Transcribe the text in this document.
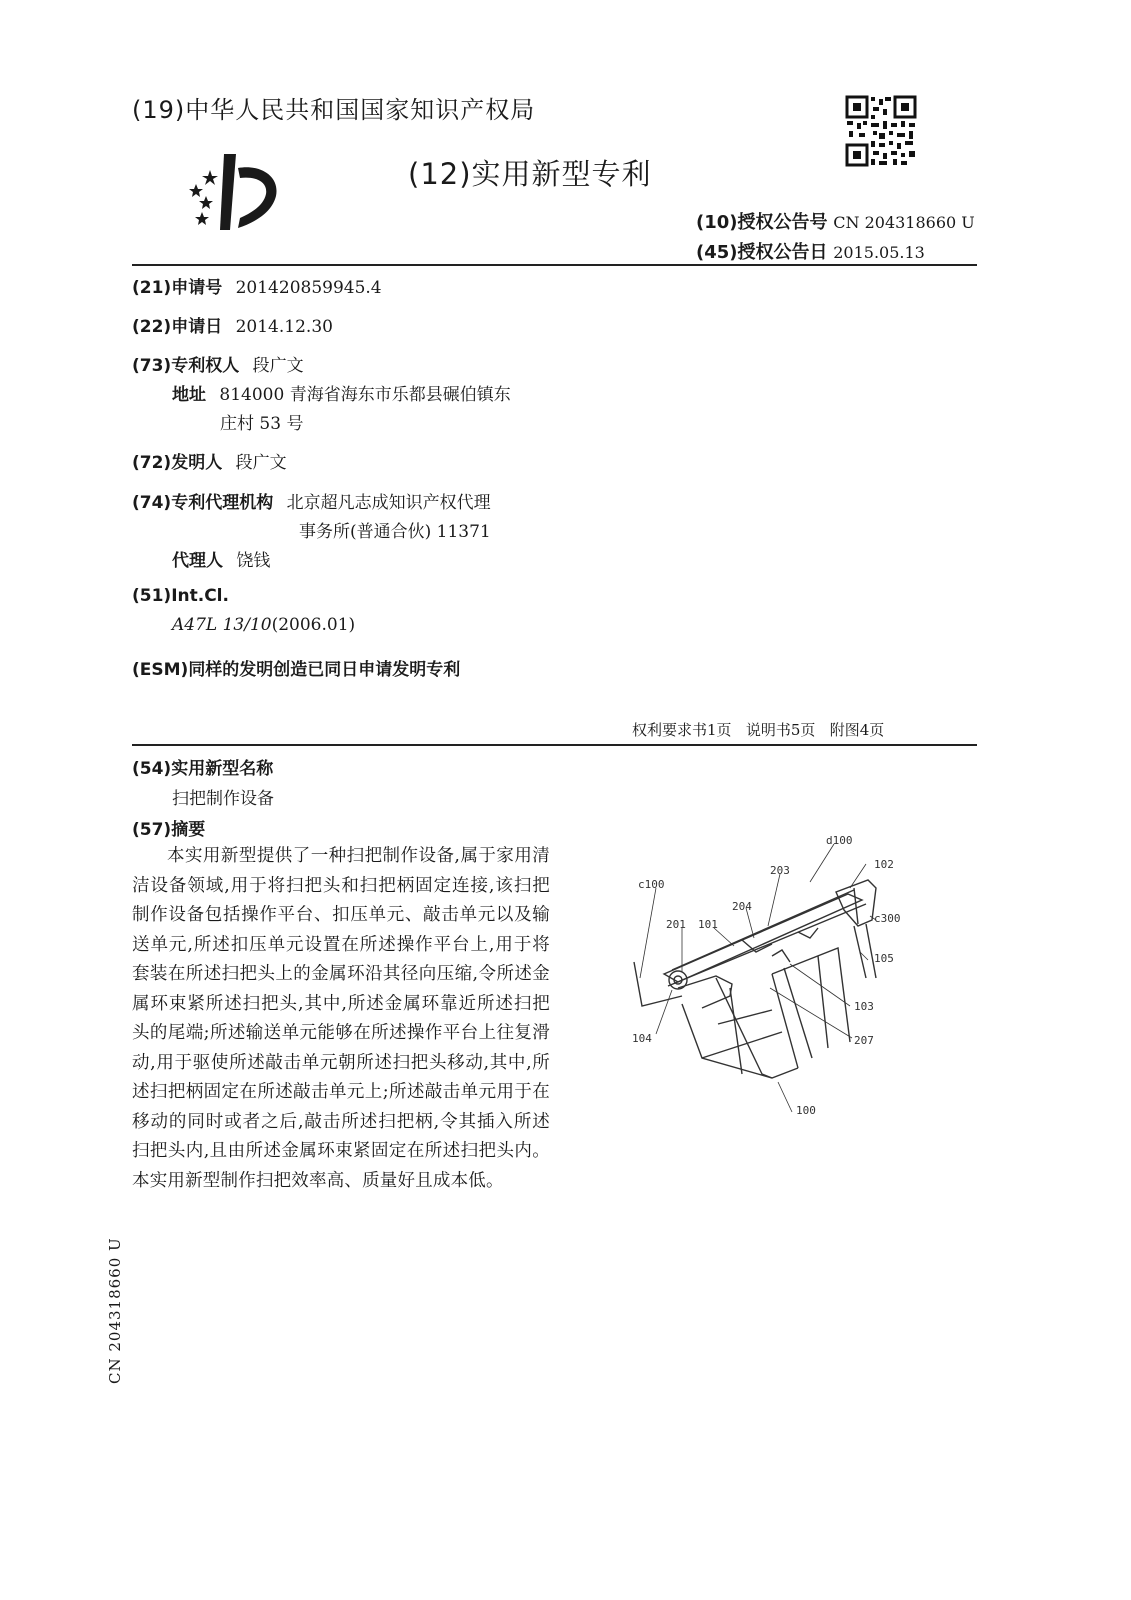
(19)中华人民共和国国家知识产权局
(12)实用新型专利
(10)授权公告号 CN 204318660 U
(45)授权公告日 2015.05.13
(21)申请号 201420859945.4
(22)申请日 2014.12.30
(73)专利权人 段广文
地址 814000 青海省海东市乐都县碾伯镇东
庄村 53 号
(72)发明人 段广文
(74)专利代理机构 北京超凡志成知识产权代理
事务所(普通合伙) 11371
代理人 饶钱
(51)Int.Cl.
A47L 13/10(2006.01)
(ESM)同样的发明创造已同日申请发明专利
权利要求书1页   说明书5页   附图4页
(54)实用新型名称
扫把制作设备
(57)摘要
本实用新型提供了一种扫把制作设备,属于家用清洁设备领域,用于将扫把头和扫把柄固定连接,该扫把制作设备包括操作平台、扣压单元、敲击单元以及输送单元,所述扣压单元设置在所述操作平台上,用于将套装在所述扫把头上的金属环沿其径向压缩,令所述金属环束紧所述扫把头,其中,所述金属环靠近所述扫把头的尾端;所述输送单元能够在所述操作平台上往复滑动,用于驱使所述敲击单元朝所述扫把头移动,其中,所述扫把柄固定在所述敲击单元上;所述敲击单元用于在移动的同时或者之后,敲击所述扫把柄,令其插入所述扫把头内,且由所述金属环束紧固定在所述扫把头内。本实用新型制作扫把效率高、质量好且成本低。
d100
c100
203	102
204
201 101	c300
105
103
104	207
100
CN 204318660 U
